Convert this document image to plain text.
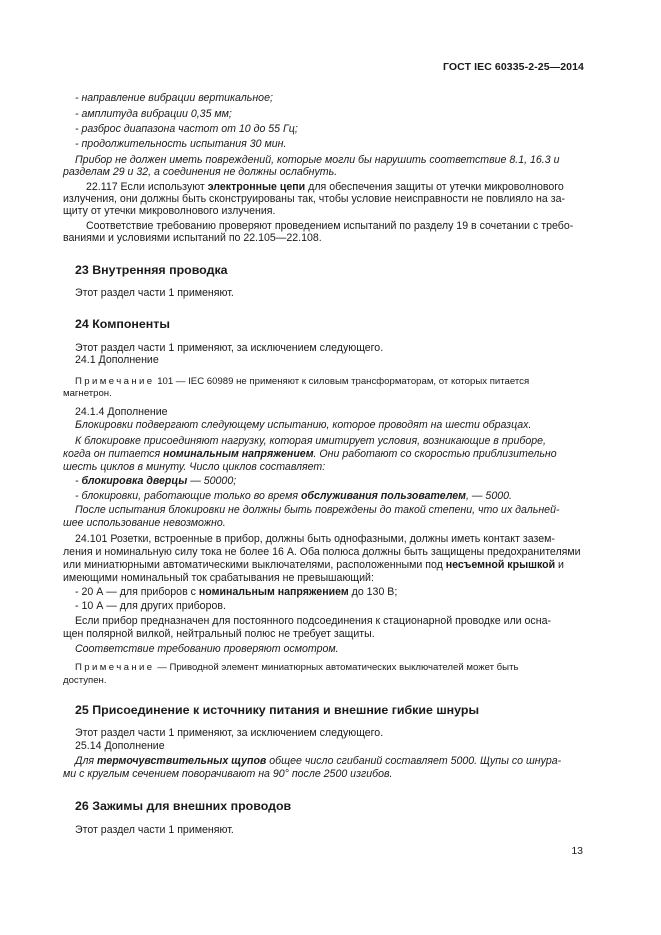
ГОСТ IEC 60335-2-25—2014
- направление вибрации вертикальное;
- амплитуда вибрации 0,35 мм;
- разброс диапазона частот от 10 до 55 Гц;
- продолжительность испытания 30 мин.
Прибор не должен иметь повреждений, которые могли бы нарушить соответствие 8.1, 16.3 и
разделам 29 и 32, а соединения не должны ослабнуть.
22.117 Если используют электронные цепи для обеспечения защиты от утечки микроволнового
излучения, они должны быть сконструированы так, чтобы условие неисправности не повлияло на за-
щиту от утечки микроволнового излучения.
Соответствие требованию проверяют проведением испытаний по разделу 19 в сочетании с требо-
ваниями и условиями испытаний по 22.105—22.108.
23 Внутренняя проводка
Этот раздел части 1 применяют.
24 Компоненты
Этот раздел части 1 применяют, за исключением следующего.
24.1 Дополнение
Примечание 101 — IEC 60989 не применяют к силовым трансформаторам, от которых питается
магнетрон.
24.1.4 Дополнение
Блокировки подвергают следующему испытанию, которое проводят на шести образцах.
К блокировке присоединяют нагрузку, которая имитирует условия, возникающие в приборе,
когда он питается номинальным напряжением. Они работают со скоростью приблизительно
шесть циклов в минуту. Число циклов составляет:
- блокировка дверцы — 50000;
- блокировки, работающие только во время обслуживания пользователем, — 5000.
После испытания блокировки не должны быть повреждены до такой степени, что их дальней-
шее использование невозможно.
24.101 Розетки, встроенные в прибор, должны быть однофазными, должны иметь контакт зазем-
ления и номинальную силу тока не более 16 А. Оба полюса должны быть защищены предохранителями
или миниатюрными автоматическими выключателями, расположенными под несъемной крышкой и
имеющими номинальный ток срабатывания не превышающий:
- 20 А — для приборов с номинальным напряжением до 130 В;
- 10 А — для других приборов.
Если прибор предназначен для постоянного подсоединения к стационарной проводке или осна-
щен полярной вилкой, нейтральный полюс не требует защиты.
Соответствие требованию проверяют осмотром.
Примечание — Приводной элемент миниатюрных автоматических выключателей может быть
доступен.
25 Присоединение к источнику питания и внешние гибкие шнуры
Этот раздел части 1 применяют, за исключением следующего.
25.14 Дополнение
Для термочувствительных щупов общее число сгибаний составляет 5000. Щупы со шнура-
ми с круглым сечением поворачивают на 90° после 2500 изгибов.
26 Зажимы для внешних проводов
Этот раздел части 1 применяют.
13
